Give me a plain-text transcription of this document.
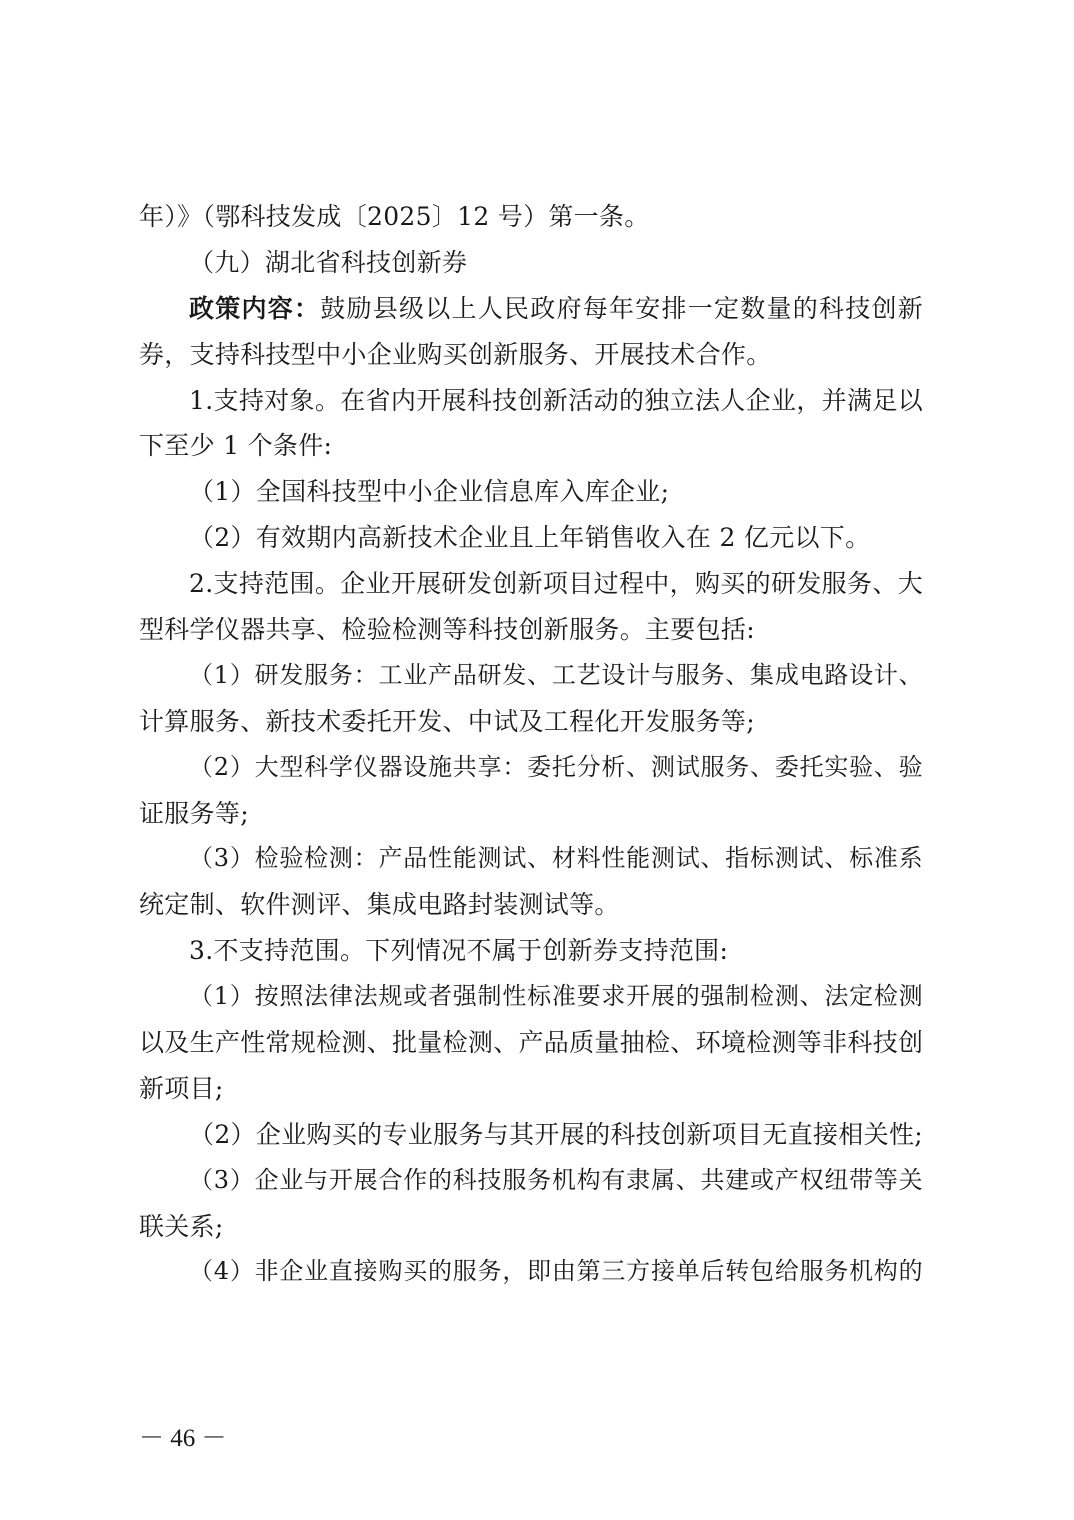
年）》（鄂科技发成〔2025〕12 号）第一条。
（九）湖北省科技创新券
政策内容：鼓励县级以上人民政府每年安排一定数量的科技创新
券，支持科技型中小企业购买创新服务、开展技术合作。
1.支持对象。在省内开展科技创新活动的独立法人企业，并满足以
下至少 1 个条件:
（1）全国科技型中小企业信息库入库企业;
（2）有效期内高新技术企业且上年销售收入在 2 亿元以下。
2.支持范围。企业开展研发创新项目过程中，购买的研发服务、大
型科学仪器共享、检验检测等科技创新服务。主要包括:
（1）研发服务：工业产品研发、工艺设计与服务、集成电路设计、
计算服务、新技术委托开发、中试及工程化开发服务等;
（2）大型科学仪器设施共享：委托分析、测试服务、委托实验、验
证服务等;
（3）检验检测：产品性能测试、材料性能测试、指标测试、标准系
统定制、软件测评、集成电路封装测试等。
3.不支持范围。下列情况不属于创新券支持范围:
（1）按照法律法规或者强制性标准要求开展的强制检测、法定检测
以及生产性常规检测、批量检测、产品质量抽检、环境检测等非科技创
新项目;
（2）企业购买的专业服务与其开展的科技创新项目无直接相关性;
（3）企业与开展合作的科技服务机构有隶属、共建或产权纽带等关
联关系;
（4）非企业直接购买的服务，即由第三方接单后转包给服务机构的
－ 46 －
